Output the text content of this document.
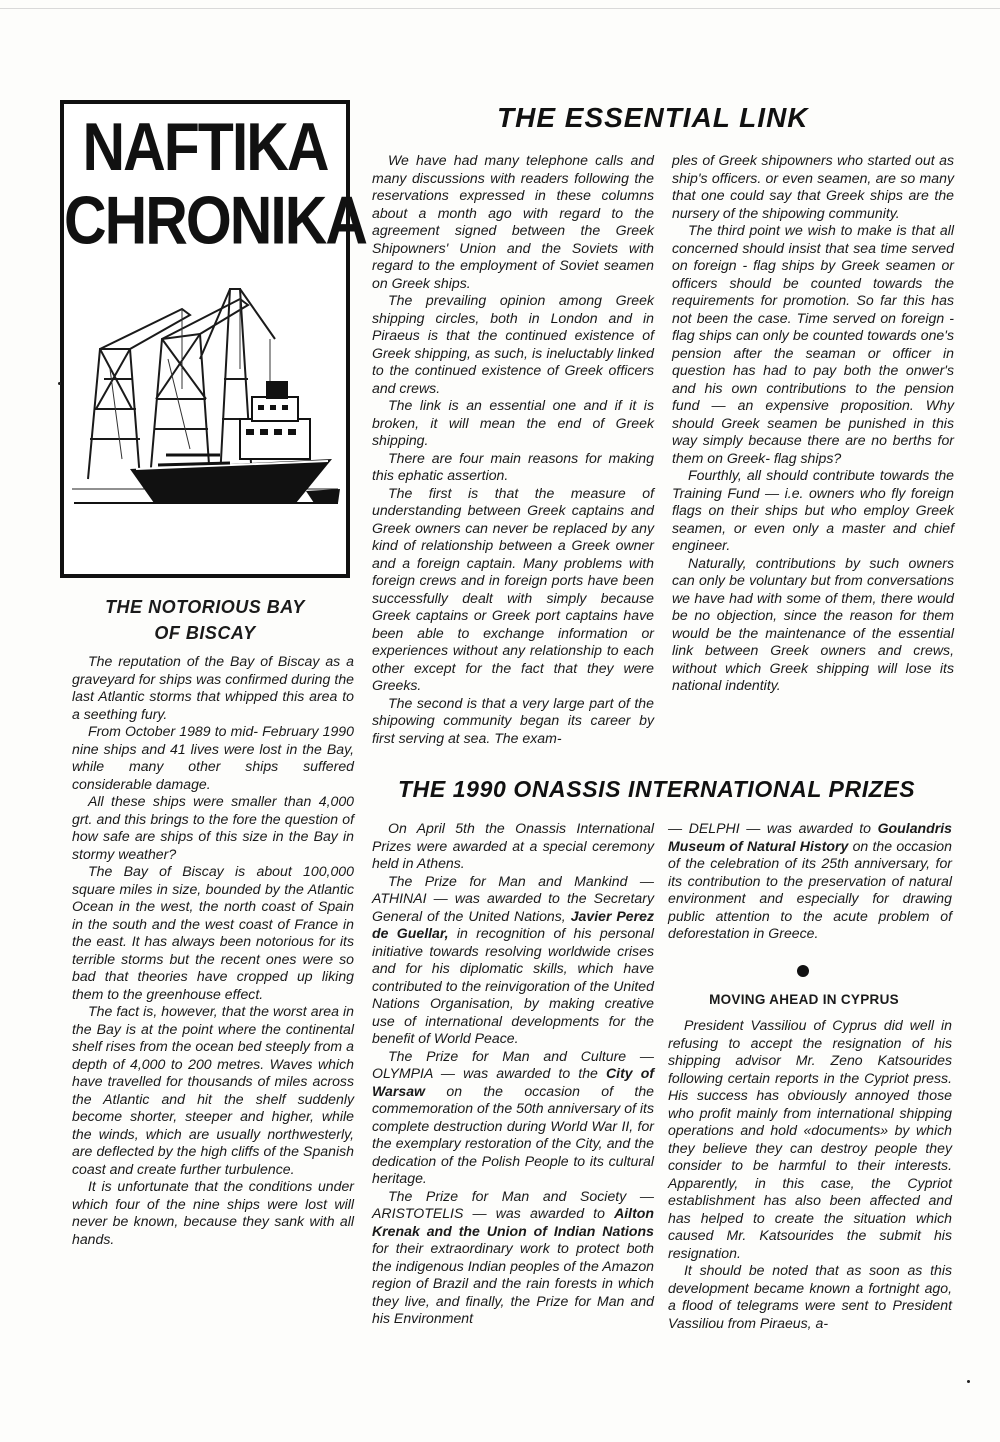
NAFTIKA
CHRONIKA
THE ESSENTIAL LINK

We have had many telephone calls and many discussions with readers following the reservations expressed in these columns about a month ago with regard to the agreement signed between the Greek Shipowners' Union and the Soviets with regard to the employment of Soviet seamen on Greek ships.

The prevailing opinion among Greek shipping circles, both in London and in Piraeus is that the continued existence of Greek shipping, as such, is ineluctably linked to the continued existence of Greek officers and crews.

The link is an essential one and if it is broken, it will mean the end of Greek shipping.

There are four main reasons for making this ephatic assertion.

The first is that the measure of understanding between Greek captains and Greek owners can never be replaced by any kind of relationship between a Greek owner and a foreign captain. Many problems with foreign crews and in foreign ports have been successfully dealt with simply because Greek captains or Greek port captains have been able to exchange information or experiences without any relationship to each other except for the fact that they were Greeks.

The second is that a very large part of the shipowing community began its career by first serving at sea. The exam-

ples of Greek shipowners who started out as ship's officers. or even seamen, are so many that one could say that Greek ships are the nursery of the shipowing community.

The third point we wish to make is that all concerned should insist that sea time served on foreign - flag ships by Greek seamen or officers should be counted towards the requirements for promotion. So far this has not been the case. Time served on foreign - flag ships can only be counted towards one's pension after the seaman or officer in question has had to pay both the onwer's and his own contributions to the pension fund — an expensive proposition. Why should Greek seamen be punished in this way simply because there are no berths for them on Greek- flag ships?

Fourthly, all should contribute towards the Training Fund — i.e. owners who fly foreign flags on their ships but who employ Greek seamen, or even only a master and chief engineer.

Naturally, contributions by such owners can only be voluntary but from conversations we have had with some of them, there would be no objection, since the reason for them would be the maintenance of the essential link between Greek owners and crews, without which Greek shipping will lose its national indentity.

THE NOTORIOUS BAY
OF BISCAY

The reputation of the Bay of Biscay as a graveyard for ships was confirmed during the last Atlantic storms that whipped this area to a seething fury.

From October 1989 to mid- February 1990 nine ships and 41 lives were lost in the Bay, while many other ships suffered considerable damage.

All these ships were smaller than 4,000 grt. and this brings to the fore the question of how safe are ships of this size in the Bay in stormy weather?

The Bay of Biscay is about 100,000 square miles in size, bounded by the Atlantic Ocean in the west, the north coast of Spain in the south and the west coast of France in the east. It has always been notorious for its terrible storms but the recent ones were so bad that theories have cropped up liking them to the greenhouse effect.

The fact is, however, that the worst area in the Bay is at the point where the continental shelf rises from the ocean bed steeply from a depth of 4,000 to 200 metres. Waves which have travelled for thousands of miles across the Atlantic and hit the shelf suddenly become shorter, steeper and higher, while the winds, which are usually northwesterly, are deflected by the high cliffs of the Spanish coast and create further turbulence.

It is unfortunate that the conditions under which four of the nine ships were lost will never be known, because they sank with all hands.

THE 1990 ONASSIS INTERNATIONAL PRIZES

On April 5th the Onassis International Prizes were awarded at a special ceremony held in Athens.

The Prize for Man and Mankind — ATHINAI — was awarded to the Secretary General of the United Nations, Javier Perez de Guellar, in recognition of his personal initiative towards resolving worldwide crises and for his diplomatic skills, which have contributed to the reinvigoration of the United Nations Organisation, by making creative use of international developments for the benefit of World Peace.

The Prize for Man and Culture — OLYMPIA — was awarded to the City of Warsaw on the occasion of the commemoration of the 50th anniversary of its complete destruction during World War II, for the exemplary restoration of the City, and the dedication of the Polish People to its cultural heritage.

The Prize for Man and Society — ARISTOTELIS — was awarded to Ailton Krenak and the Union of Indian Nations for their extraordinary work to protect both the indigenous Indian peoples of the Amazon region of Brazil and the rain forests in which they live, and finally, the Prize for Man and his Environment

— DELPHI — was awarded to Goulandris Museum of Natural History on the occasion of the celebration of its 25th anniversary, for its contribution to the preservation of natural environment and especially for drawing public attention to the acute problem of deforestation in Greece.

MOVING AHEAD IN CYPRUS

President Vassiliou of Cyprus did well in refusing to accept the resignation of his shipping advisor Mr. Zeno Katsourides following certain reports in the Cypriot press. His success has obviously annoyed those who profit mainly from international shipping operations and hold «documents» by which they believe they can destroy people they consider to be harmful to their interests. Apparently, in this case, the Cypriot establishment has also been affected and has helped to create the situation which caused Mr. Katsourides the submit his resignation.

It should be noted that as soon as this development became known a fortnight ago, a flood of telegrams were sent to President Vassiliou from Piraeus, a-
